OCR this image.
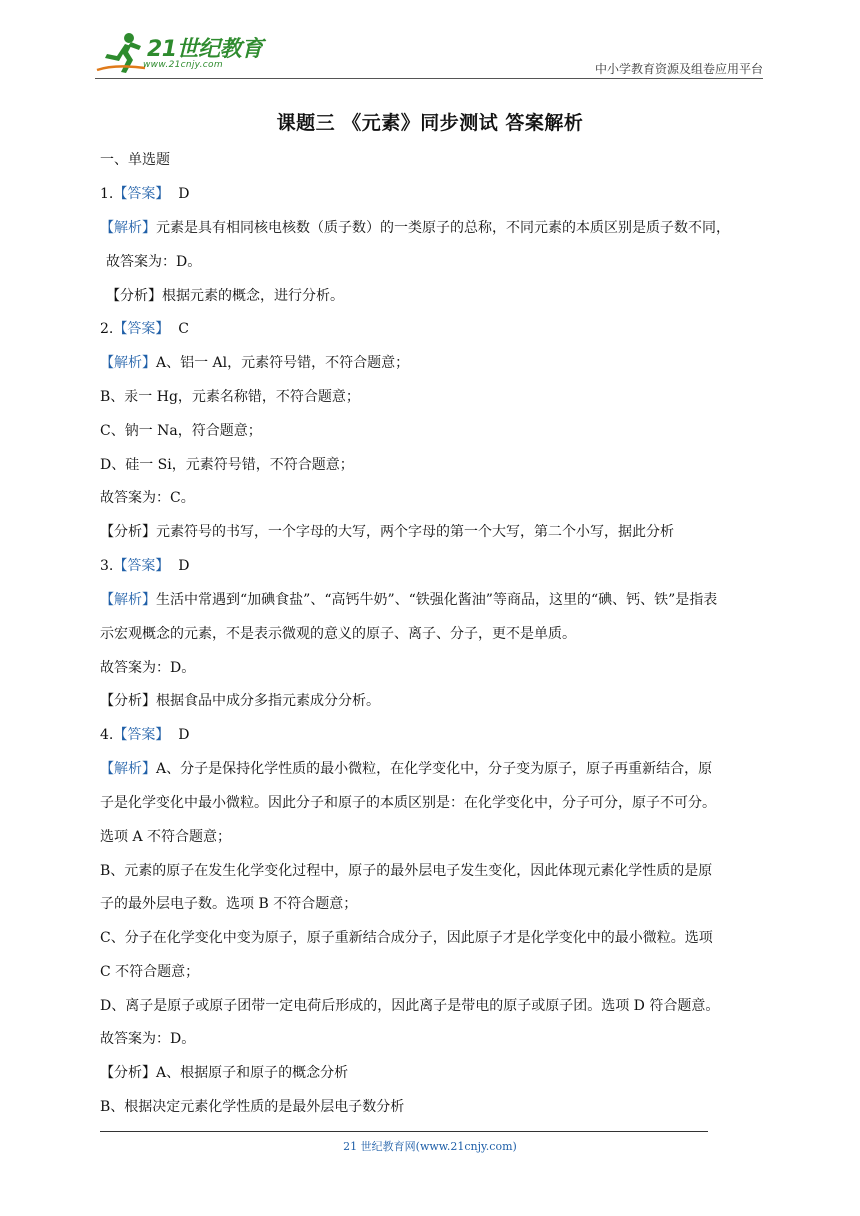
21世纪教育
www.21cnjy.com	中小学教育资源及组卷应用平台
课题三 《元素》同步测试 答案解析
一、单选题
1.【答案】 D
【解析】元素是具有相同核电核数（质子数）的一类原子的总称，不同元素的本质区别是质子数不同，
故答案为：D。
【分析】根据元素的概念，进行分析。
2.【答案】 C
【解析】A、铝一 Al，元素符号错，不符合题意；
B、汞一 Hg，元素名称错，不符合题意；
C、钠一 Na，符合题意；
D、硅一 Si，元素符号错，不符合题意；
故答案为：C。
【分析】元素符号的书写，一个字母的大写，两个字母的第一个大写，第二个小写，据此分析
3.【答案】 D
【解析】生活中常遇到“加碘食盐”、“高钙牛奶”、“铁强化酱油”等商品，这里的“碘、钙、铁”是指表
示宏观概念的元素，不是表示微观的意义的原子、离子、分子，更不是单质。
故答案为：D。
【分析】根据食品中成分多指元素成分分析。
4.【答案】 D
【解析】A、分子是保持化学性质的最小微粒，在化学变化中，分子变为原子，原子再重新结合，原
子是化学变化中最小微粒。因此分子和原子的本质区别是：在化学变化中，分子可分，原子不可分。
选项 A 不符合题意；
B、元素的原子在发生化学变化过程中，原子的最外层电子发生变化，因此体现元素化学性质的是原
子的最外层电子数。选项 B 不符合题意；
C、分子在化学变化中变为原子，原子重新结合成分子，因此原子才是化学变化中的最小微粒。选项
C 不符合题意；
D、离子是原子或原子团带一定电荷后形成的，因此离子是带电的原子或原子团。选项 D 符合题意。
故答案为：D。
【分析】A、根据原子和原子的概念分析
B、根据决定元素化学性质的是最外层电子数分析
21 世纪教育网(www.21cnjy.com)
